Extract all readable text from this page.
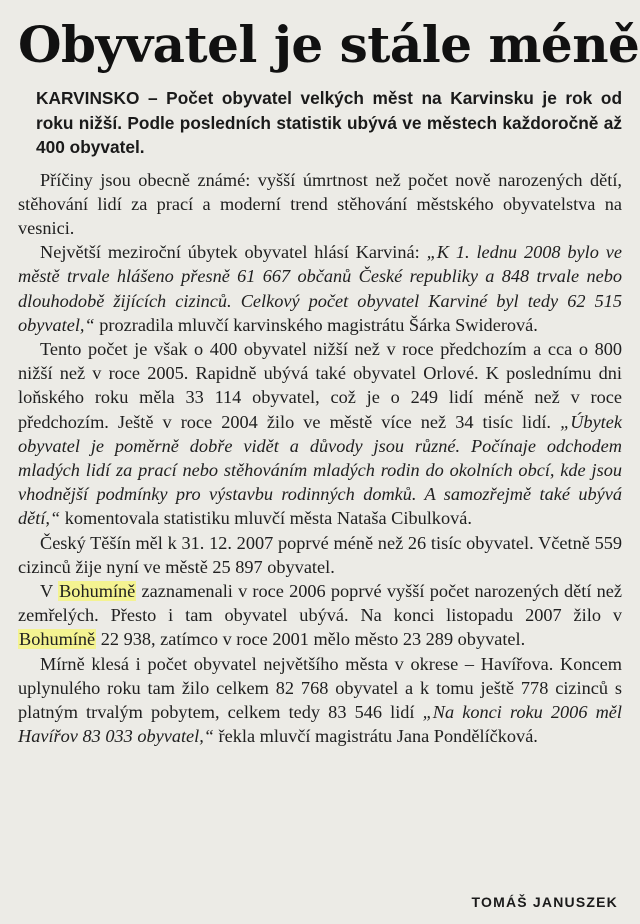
Obyvatel je stále méně

KARVINSKO – Počet obyvatel velkých měst na Karvinsku je rok od roku nižší. Podle posledních statistik ubývá ve městech každoročně až 400 obyvatel.

Příčiny jsou obecně známé: vyšší úmrtnost než počet nově narozených dětí, stěhování lidí za prací a moderní trend stěhování městského obyvatelstva na vesnici.

Největší meziroční úbytek obyvatel hlásí Karviná: „K 1. lednu 2008 bylo ve městě trvale hlášeno přesně 61 667 občanů České republiky a 848 trvale nebo dlouhodobě žijících cizinců. Celkový počet obyvatel Karviné byl tedy 62 515 obyvatel,“ prozradila mluvčí karvinského magistrátu Šárka Swiderová.

Tento počet je však o 400 obyvatel nižší než v roce předchozím a cca o 800 nižší než v roce 2005. Rapidně ubývá také obyvatel Orlové. K poslednímu dni loňského roku měla 33 114 obyvatel, což je o 249 lidí méně než v roce předchozím. Ještě v roce 2004 žilo ve městě více než 34 tisíc lidí. „Úbytek obyvatel je poměrně dobře vidět a důvody jsou různé. Počínaje odchodem mladých lidí za prací nebo stěhováním mladých rodin do okolních obcí, kde jsou vhodnější podmínky pro výstavbu rodinných domků. A samozřejmě také ubývá dětí,“ komentovala statistiku mluvčí města Nataša Cibulková.

Český Těšín měl k 31. 12. 2007 poprvé méně než 26 tisíc obyvatel. Včetně 559 cizinců žije nyní ve městě 25 897 obyvatel.

V Bohumíně zaznamenali v roce 2006 poprvé vyšší počet narozených dětí než zemřelých. Přesto i tam obyvatel ubývá. Na konci listopadu 2007 žilo v Bohumíně 22 938, zatímco v roce 2001 mělo město 23 289 obyvatel.

Mírně klesá i počet obyvatel největšího města v okrese – Havířova. Koncem uplynulého roku tam žilo celkem 82 768 obyvatel a k tomu ještě 778 cizinců s platným trvalým pobytem, celkem tedy 83 546 lidí „Na konci roku 2006 měl Havířov 83 033 obyvatel,“ řekla mluvčí magistrátu Jana Pondělíčková.

TOMÁŠ JANUSZEK
